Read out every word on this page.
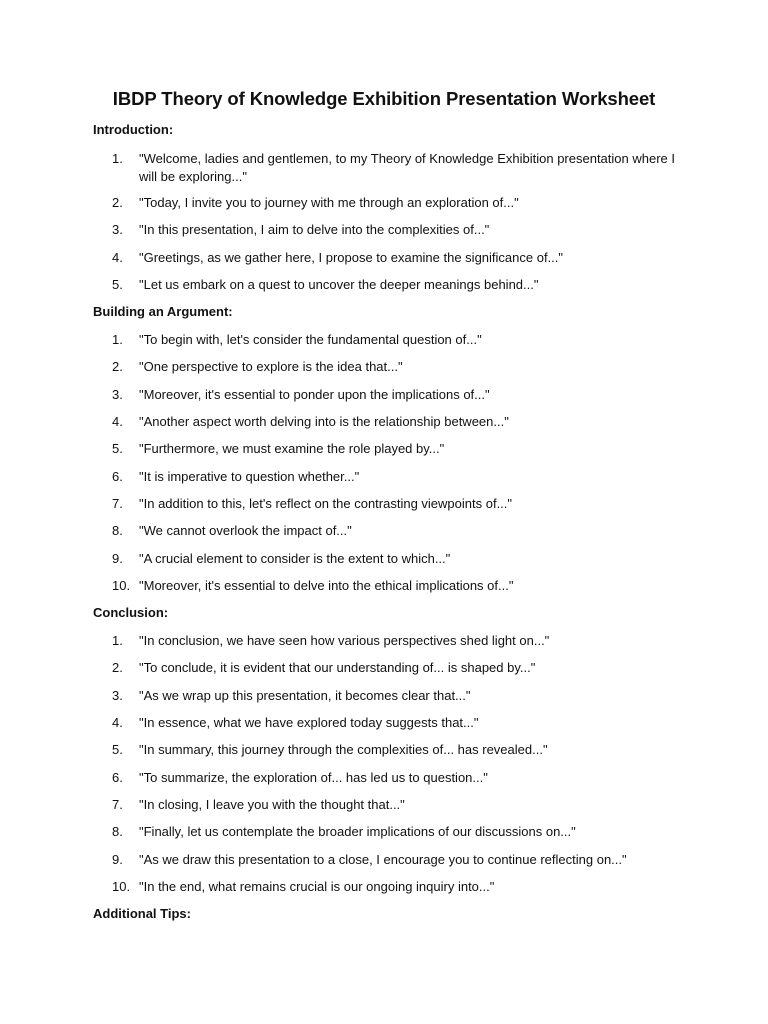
IBDP Theory of Knowledge Exhibition Presentation Worksheet
Introduction:
1.	"Welcome, ladies and gentlemen, to my Theory of Knowledge Exhibition presentation where I will be exploring..."
2.	"Today, I invite you to journey with me through an exploration of..."
3.	"In this presentation, I aim to delve into the complexities of..."
4.	"Greetings, as we gather here, I propose to examine the significance of..."
5.	"Let us embark on a quest to uncover the deeper meanings behind..."
Building an Argument:
1.	"To begin with, let's consider the fundamental question of..."
2.	"One perspective to explore is the idea that..."
3.	"Moreover, it's essential to ponder upon the implications of..."
4.	"Another aspect worth delving into is the relationship between..."
5.	"Furthermore, we must examine the role played by..."
6.	"It is imperative to question whether..."
7.	"In addition to this, let's reflect on the contrasting viewpoints of..."
8.	"We cannot overlook the impact of..."
9.	"A crucial element to consider is the extent to which..."
10. "Moreover, it's essential to delve into the ethical implications of..."
Conclusion:
1.	"In conclusion, we have seen how various perspectives shed light on..."
2.	"To conclude, it is evident that our understanding of... is shaped by..."
3.	"As we wrap up this presentation, it becomes clear that..."
4.	"In essence, what we have explored today suggests that..."
5.	"In summary, this journey through the complexities of... has revealed..."
6.	"To summarize, the exploration of... has led us to question..."
7.	"In closing, I leave you with the thought that..."
8.	"Finally, let us contemplate the broader implications of our discussions on..."
9.	"As we draw this presentation to a close, I encourage you to continue reflecting on..."
10. "In the end, what remains crucial is our ongoing inquiry into..."
Additional Tips:
